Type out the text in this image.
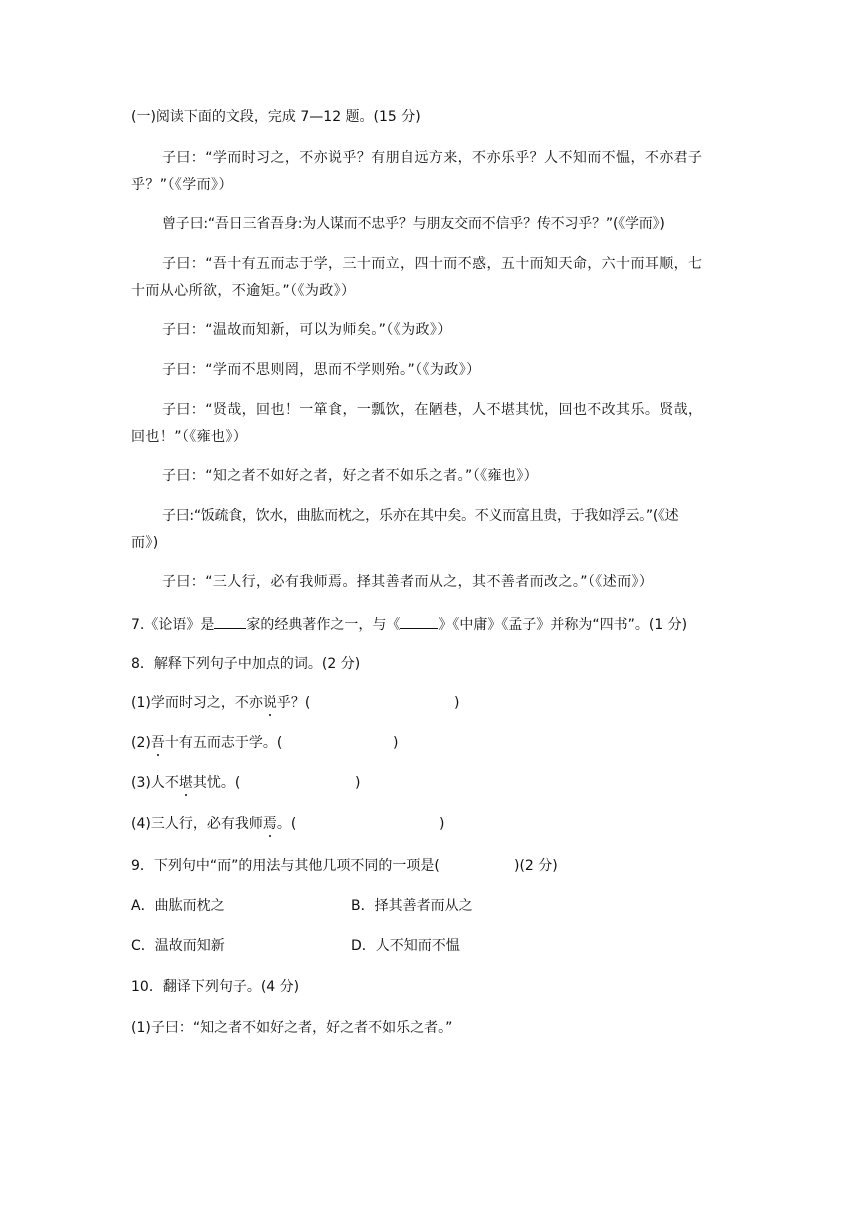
(一)阅读下面的文段，完成 7—12 题。(15 分)
子曰：“学而时习之，不亦说乎？有朋自远方来，不亦乐乎？人不知而不愠，不亦君子
乎？”（《学而》）
曾子曰:“吾日三省吾身:为人谋而不忠乎？与朋友交而不信乎？传不习乎？”(《学而》)
子曰：“吾十有五而志于学，三十而立，四十而不惑，五十而知天命，六十而耳顺，七
十而从心所欲，不逾矩。”（《为政》）
子曰：“温故而知新，可以为师矣。”（《为政》）
子曰：“学而不思则罔，思而不学则殆。”（《为政》）
子曰：“贤哉，回也！一箪食，一瓢饮，在陋巷，人不堪其忧，回也不改其乐。贤哉，
回也！”（《雍也》）
子曰：“知之者不如好之者，好之者不如乐之者。”（《雍也》）
子曰:“饭疏食，饮水，曲肱而枕之，乐亦在其中矣。不义而富且贵，于我如浮云。”(《述
而》)
子曰：“三人行，必有我师焉。择其善者而从之，其不善者而改之。”（《述而》）
7.《论语》是 家的经典著作之一，与《	》《中庸》《孟子》并称为“四书”。(1 分)
8．解释下列句子中加点的词。(2 分)
(1)学而时习之，不亦说乎？(	)
(2)吾十有五而志于学。(	)
(3)人不堪其忧。(	)
(4)三人行，必有我师焉。(	)
9．下列句中“而”的用法与其他几项不同的一项是(	)(2 分)
A．曲肱而枕之	B．择其善者而从之
C．温故而知新	D．人不知而不愠
10．翻译下列句子。(4 分)
(1)子曰：“知之者不如好之者，好之者不如乐之者。”
